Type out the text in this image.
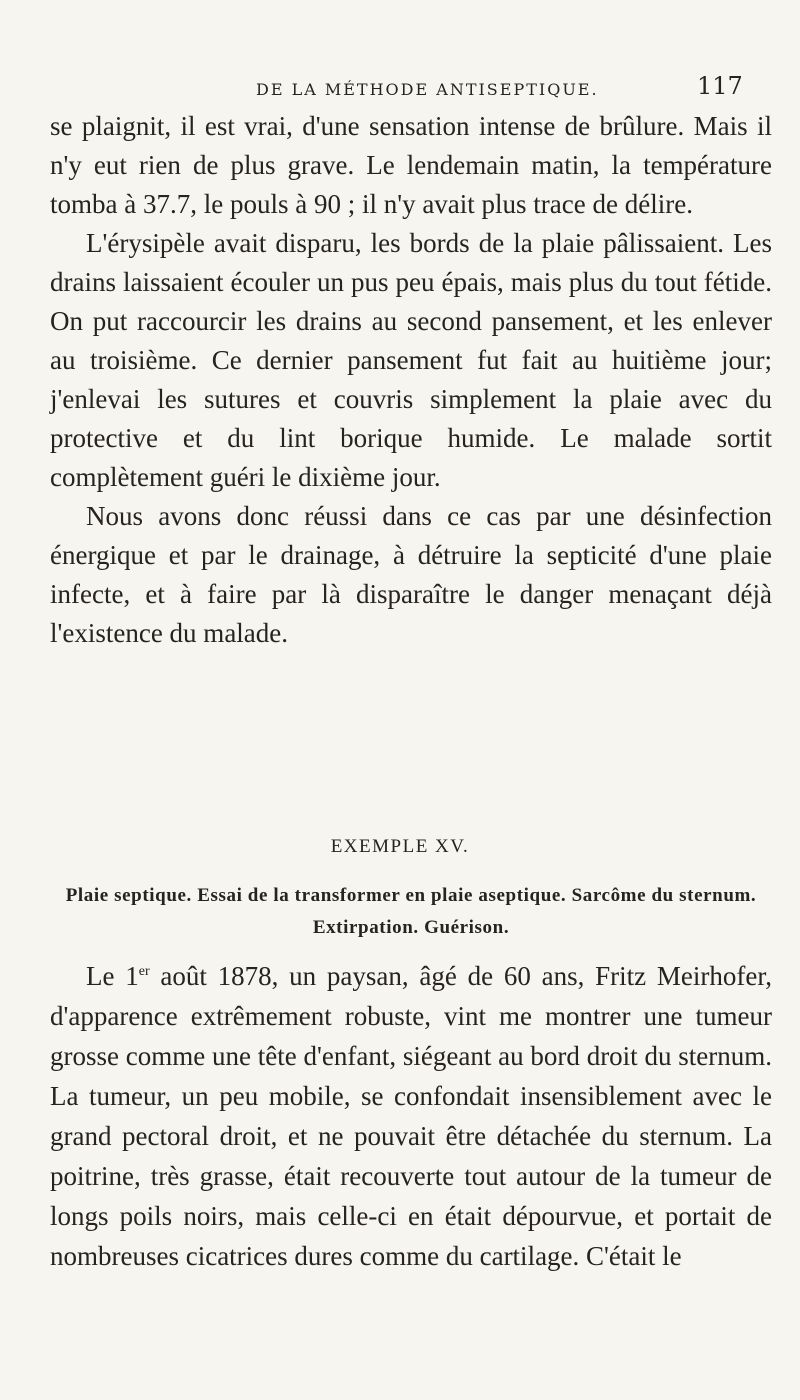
DE LA MÉTHODE ANTISEPTIQUE.	117

se plaignit, il est vrai, d'une sensation intense de brûlure. Mais il n'y eut rien de plus grave. Le lendemain matin, la température tomba à 37.7, le pouls à 90 ; il n'y avait plus trace de délire.

L'érysipèle avait disparu, les bords de la plaie pâlissaient. Les drains laissaient écouler un pus peu épais, mais plus du tout fétide. On put raccourcir les drains au second pansement, et les enlever au troisième. Ce dernier pansement fut fait au huitième jour; j'enlevai les sutures et couvris simplement la plaie avec du protective et du lint borique humide. Le malade sortit complètement guéri le dixième jour.

Nous avons donc réussi dans ce cas par une désinfection énergique et par le drainage, à détruire la septicité d'une plaie infecte, et à faire par là disparaître le danger menaçant déjà l'existence du malade.

EXEMPLE XV.
Plaie septique. Essai de la transformer en plaie aseptique. Sarcôme du sternum. Extirpation. Guérison.

Le 1er août 1878, un paysan, âgé de 60 ans, Fritz Meirhofer, d'apparence extrêmement robuste, vint me montrer une tumeur grosse comme une tête d'enfant, siégeant au bord droit du sternum. La tumeur, un peu mobile, se confondait insensiblement avec le grand pectoral droit, et ne pouvait être détachée du sternum. La poitrine, très grasse, était recouverte tout autour de la tumeur de longs poils noirs, mais celle-ci en était dépourvue, et portait de nombreuses cicatrices dures comme du cartilage. C'était le
